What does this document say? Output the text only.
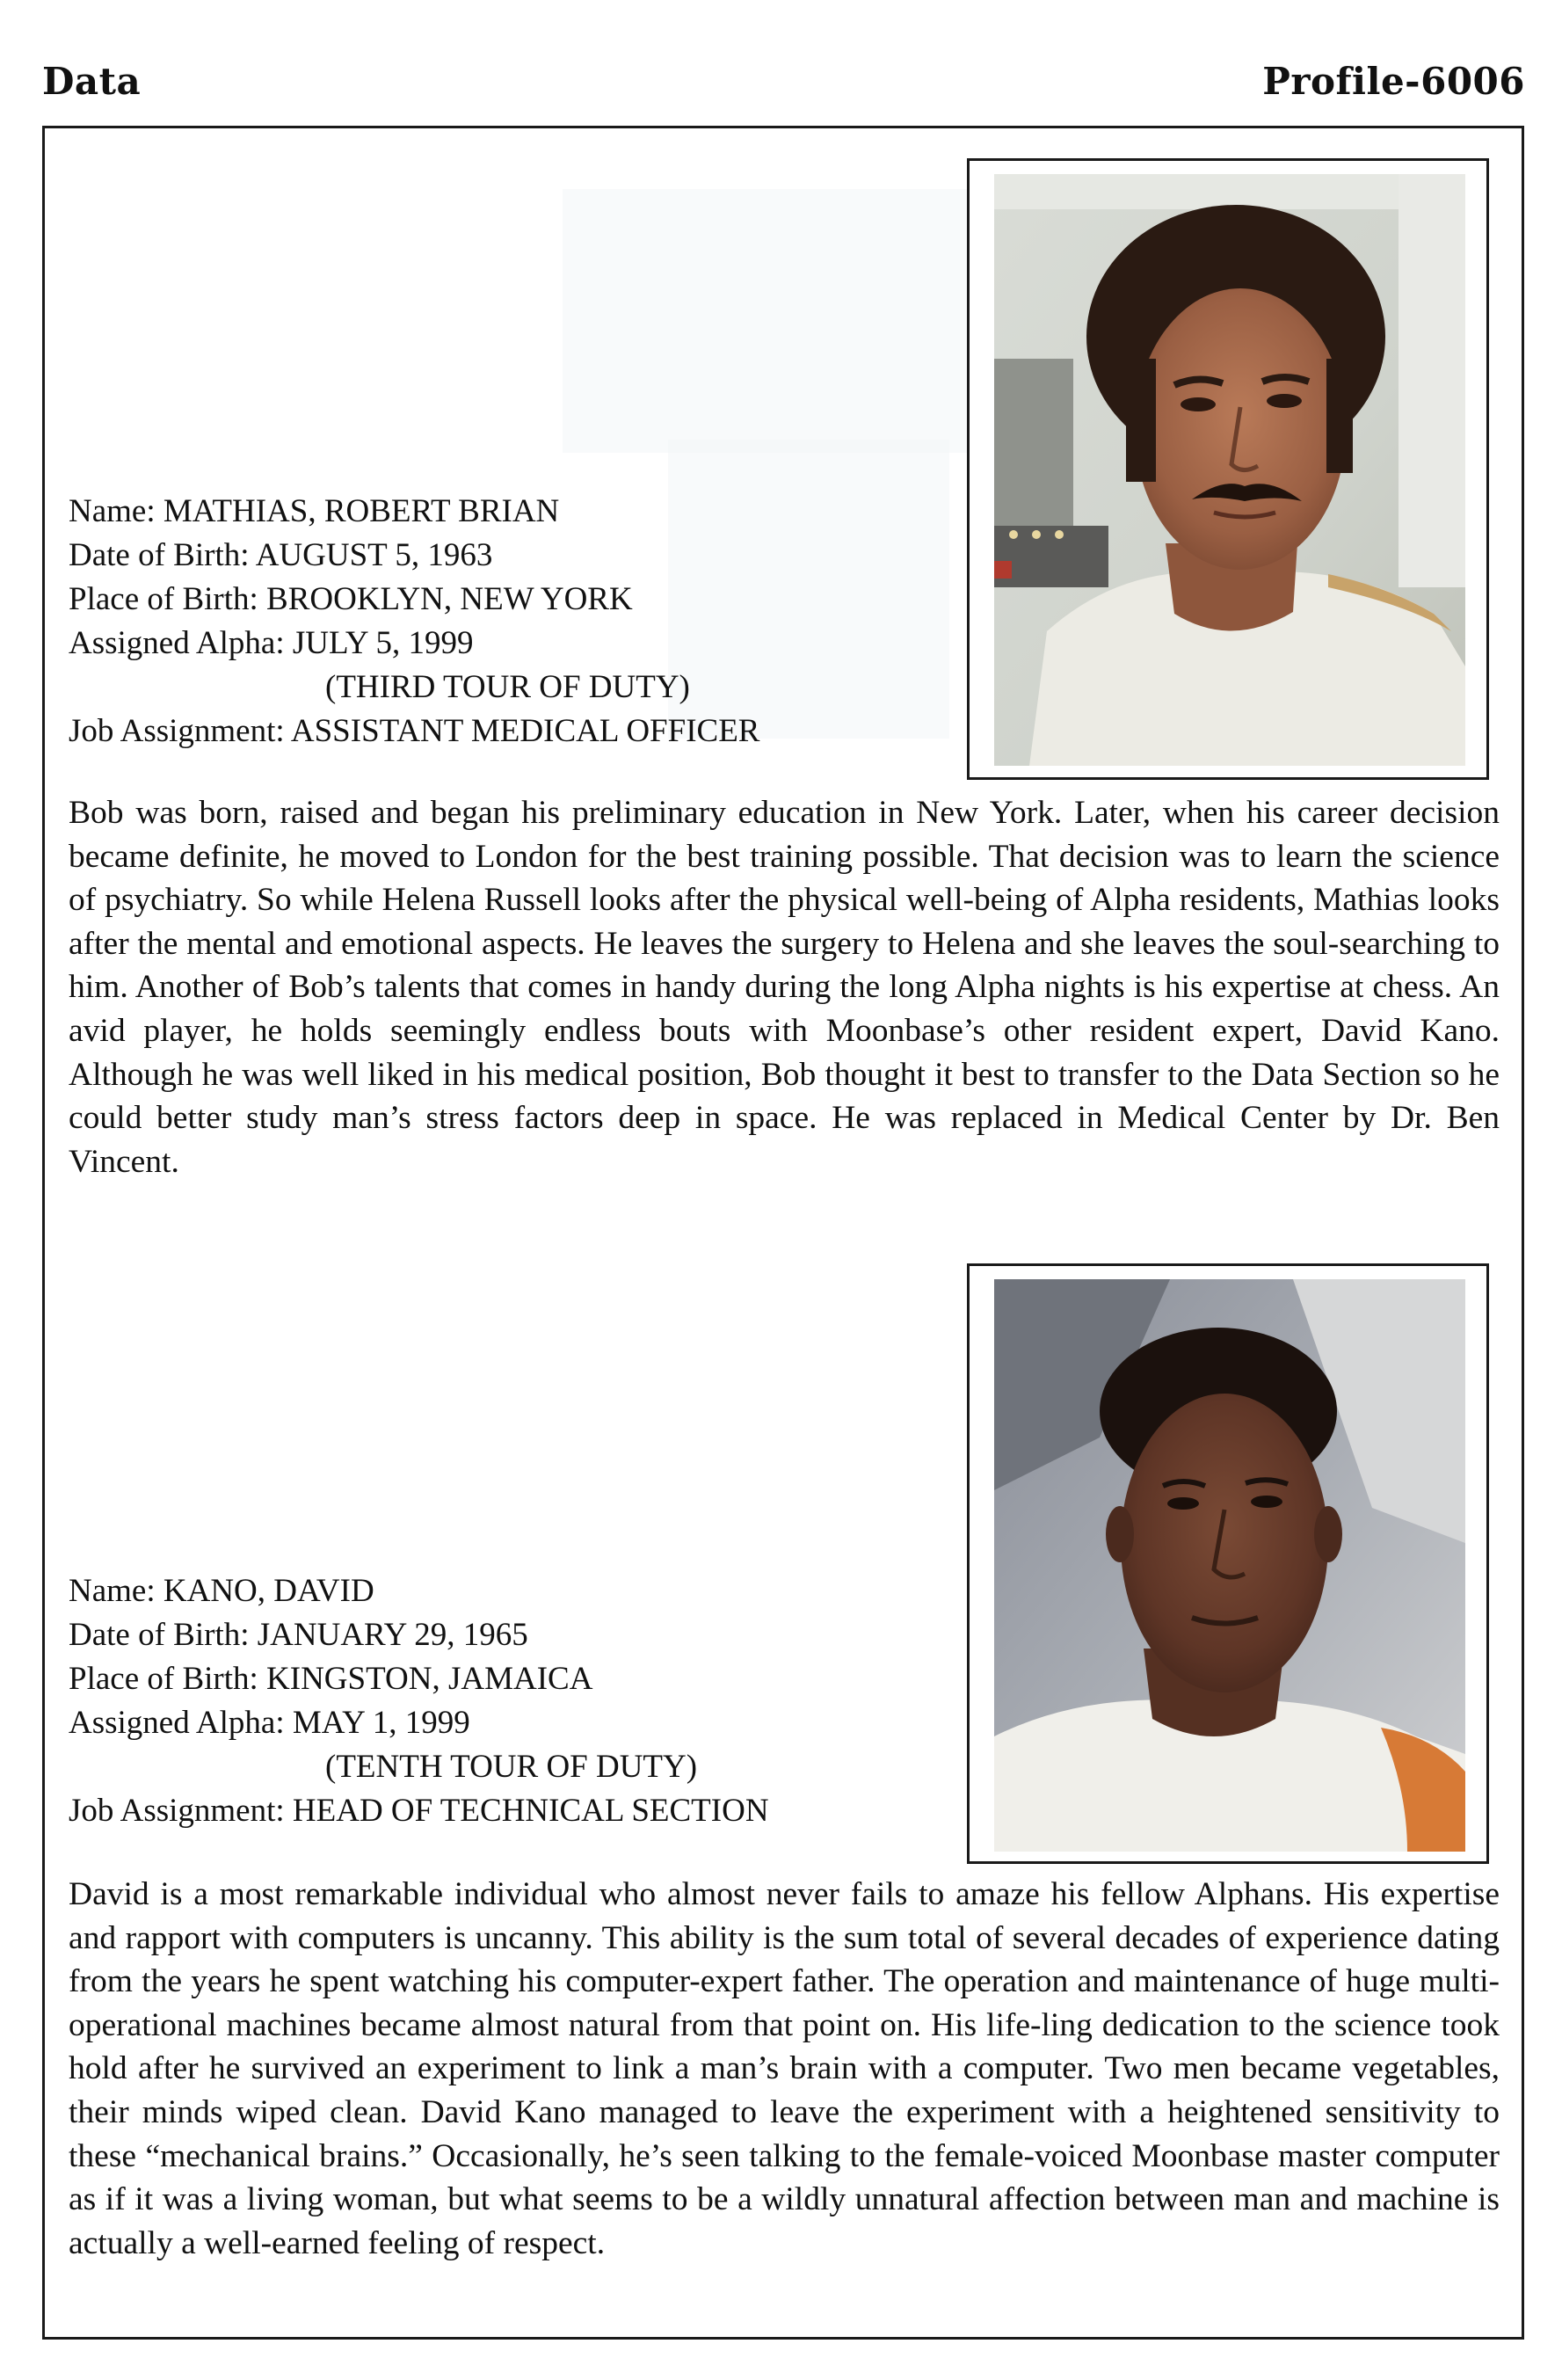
Data	Profile-6006
Name: MATHIAS, ROBERT BRIAN
Date of Birth: AUGUST 5, 1963
Place of Birth: BROOKLYN, NEW YORK
Assigned Alpha: JULY 5, 1999
(THIRD TOUR OF DUTY)
Job Assignment: ASSISTANT MEDICAL OFFICER
Bob was born, raised and began his preliminary education in New York. Later, when his career decision became definite, he moved to London for the best training possible. That decision was to learn the science of psychiatry. So while Helena Russell looks after the physical well-being of Alpha residents, Mathias looks after the mental and emotional aspects. He leaves the surgery to Helena and she leaves the soul-searching to him. Another of Bob’s talents that comes in handy during the long Alpha nights is his expertise at chess. An avid player, he holds seemingly endless bouts with Moonbase’s other resident expert, David Kano. Although he was well liked in his medical position, Bob thought it best to transfer to the Data Section so he could better study man’s stress factors deep in space. He was replaced in Medical Center by Dr. Ben Vincent.
Name: KANO, DAVID
Date of Birth: JANUARY 29, 1965
Place of Birth: KINGSTON, JAMAICA
Assigned Alpha: MAY 1, 1999
(TENTH TOUR OF DUTY)
Job Assignment: HEAD OF TECHNICAL SECTION
David is a most remarkable individual who almost never fails to amaze his fellow Alphans. His expertise and rapport with computers is uncanny. This ability is the sum total of several decades of experience dating from the years he spent watching his computer-expert father. The operation and maintenance of huge multi-operational machines became almost natural from that point on. His life-ling dedication to the science took hold after he survived an experiment to link a man’s brain with a computer. Two men became vegetables, their minds wiped clean. David Kano managed to leave the experiment with a heightened sensitivity to these “mechanical brains.” Occasionally, he’s seen talking to the female-voiced Moonbase master computer as if it was a living woman, but what seems to be a wildly unnatural affection between man and machine is actually a well-earned feeling of respect.
